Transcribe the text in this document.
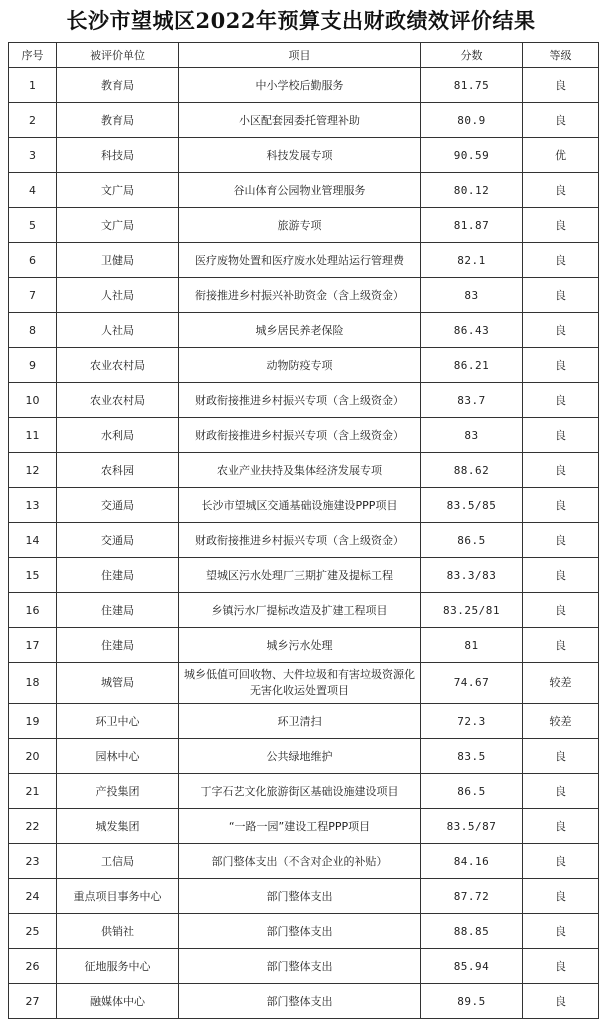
长沙市望城区2022年预算支出财政绩效评价结果
序号	被评价单位	项目	分数	等级
1	教育局	中小学校后勤服务	81.75	良
2	教育局	小区配套园委托管理补助	80.9	良
3	科技局	科技发展专项	90.59	优
4	文广局	谷山体育公园物业管理服务	80.12	良
5	文广局	旅游专项	81.87	良
6	卫健局	医疗废物处置和医疗废水处理站运行管理费	82.1	良
7	人社局	衔接推进乡村振兴补助资金（含上级资金）	83	良
8	人社局	城乡居民养老保险	86.43	良
9	农业农村局	动物防疫专项	86.21	良
10	农业农村局	财政衔接推进乡村振兴专项（含上级资金）	83.7	良
11	水利局	财政衔接推进乡村振兴专项（含上级资金）	83	良
12	农科园	农业产业扶持及集体经济发展专项	88.62	良
13	交通局	长沙市望城区交通基础设施建设PPP项目	83.5/85	良
14	交通局	财政衔接推进乡村振兴专项（含上级资金）	86.5	良
15	住建局	望城区污水处理厂三期扩建及提标工程	83.3/83	良
16	住建局	乡镇污水厂提标改造及扩建工程项目	83.25/81	良
17	住建局	城乡污水处理	81	良
18	城管局	城乡低值可回收物、大件垃圾和有害垃圾资源化无害化收运处置项目	74.67	较差
19	环卫中心	环卫清扫	72.3	较差
20	园林中心	公共绿地维护	83.5	良
21	产投集团	丁字石艺文化旅游街区基础设施建设项目	86.5	良
22	城发集团	“一路一园”建设工程PPP项目	83.5/87	良
23	工信局	部门整体支出（不含对企业的补贴）	84.16	良
24	重点项目事务中心	部门整体支出	87.72	良
25	供销社	部门整体支出	88.85	良
26	征地服务中心	部门整体支出	85.94	良
27	融媒体中心	部门整体支出	89.5	良
